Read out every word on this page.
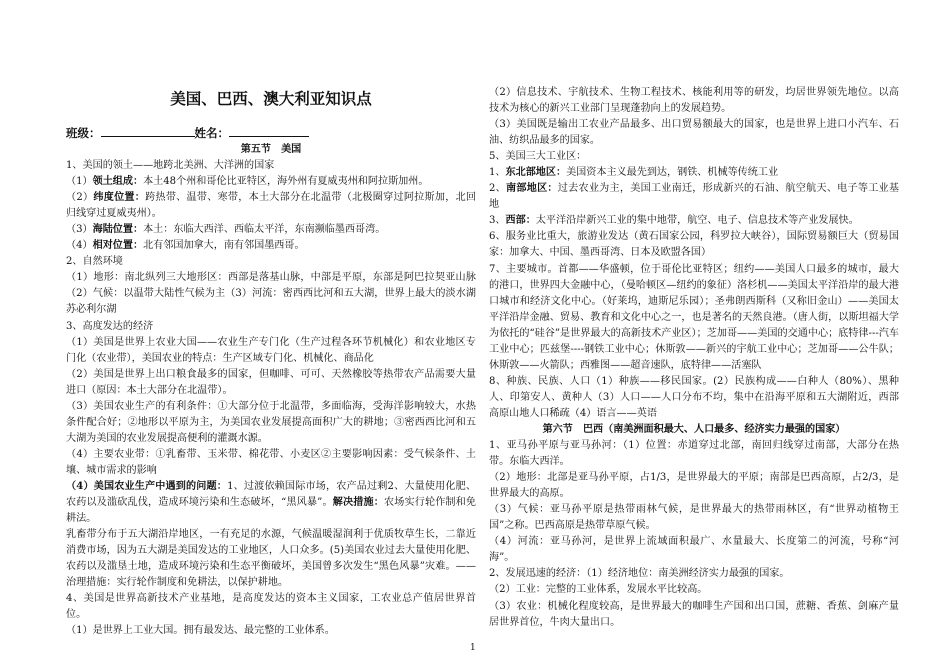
美国、巴西、澳大利亚知识点

班级：	姓名：

第五节　美国

1、美国的领土——地跨北美洲、大洋洲的国家

（1）领土组成：本土48个州和哥伦比亚特区，海外州有夏威夷州和阿拉斯加州。

（2）纬度位置：跨热带、温带、寒带，本土大部分在北温带（北极圈穿过阿拉斯加，北回归线穿过夏威夷州）。

（3）海陆位置：本土：东临大西洋、西临太平洋，东南濒临墨西哥湾。

（4）相对位置：北有邻国加拿大，南有邻国墨西哥。

2、自然环境

（1）地形：南北纵列三大地形区：西部是落基山脉，中部是平原，东部是阿巴拉契亚山脉（2）气候：以温带大陆性气候为主（3）河流：密西西比河和五大湖，世界上最大的淡水湖苏必利尔湖

3、高度发达的经济

（1）美国是世界上农业大国——农业生产专门化（生产过程各环节机械化）和农业地区专门化（农业带），美国农业的特点：生产区域专门化、机械化、商品化

（2）美国是世界上出口粮食最多的国家，但咖啡、可可、天然橡胶等热带农产品需要大量进口（原因：本土大部分在北温带）。

（3）美国农业生产的有利条件：①大部分位于北温带，多面临海，受海洋影响较大，水热条件配合好；②地形以平原为主，为美国农业发展提高面积广大的耕地；③密西西比河和五大湖为美国的农业发展提高便利的灌溉水源。

（4）主要农业带：①乳畜带、玉米带、棉花带、小麦区②主要影响因素：受气候条件、土壤、城市需求的影响

（4）美国农业生产中遇到的问题：1、过渡依赖国际市场，农产品过剩2、大量使用化肥、农药以及滥砍乱伐，造成环境污染和生态破坏，“黑风暴”。解决措施：农场实行轮作制和免耕法。

乳畜带分布于五大湖沿岸地区，一有充足的水源，气候温暖湿润利于优质牧草生长，二靠近消费市场，因为五大湖是美国发达的工业地区，人口众多。(5)美国农业过去大量使用化肥、农药以及滥垦土地，造成环境污染和生态平衡破坏，美国曾多次发生“黑色风暴”灾难。——治理措施：实行轮作制度和免耕法，以保护耕地。

4、美国是世界高新技术产业基地，是高度发达的资本主义国家，工农业总产值居世界首位。

（1）是世界上工业大国。拥有最发达、最完整的工业体系。

（2）信息技术、宇航技术、生物工程技术、核能利用等的研发，均居世界领先地位。以高技术为核心的新兴工业部门呈现蓬勃向上的发展趋势。

（3）美国既是输出工农业产品最多、出口贸易额最大的国家，也是世界上进口小汽车、石油、纺织品最多的国家。

5、美国三大工业区：

1、东北部地区：美国资本主义最先到达，钢铁、机械等传统工业

2、南部地区：过去农业为主，美国工业南迁，形成新兴的石油、航空航天、电子等工业基地

3、西部：太平洋沿岸新兴工业的集中地带，航空、电子、信息技术等产业发展快。

6、服务业比重大，旅游业发达（黄石国家公园，科罗拉大峡谷），国际贸易额巨大（贸易国家：加拿大、中国、墨西哥湾、日本及欧盟各国）

7、主要城市。首都——华盛顿，位于哥伦比亚特区；纽约——美国人口最多的城市，最大的港口，世界四大金融中心，（曼哈顿区—纽约的象征）洛杉机——美国太平洋沿岸的最大港口城市和经济文化中心。（好莱坞，迪斯尼乐园）；圣弗朗西斯科（又称旧金山）——美国太平洋沿岸金融、贸易、教育和文化中心之一，也是著名的天然良港。（唐人街，以斯坦福大学为依托的“硅谷”是世界最大的高新技术产业区）；芝加哥——美国的交通中心；底特律---汽车工业中心；匹兹堡----钢铁工业中心；休斯敦——新兴的宇航工业中心；芝加哥——公牛队；休斯敦——火箭队；西雅图——超音速队，底特律——活塞队

8、种族、民族、人口（1）种族——移民国家。(2）民族构成——白种人（80%）、黑种人、印第安人、黄种人（3）人口——人口分布不均，集中在沿海平原和五大湖附近，西部高原山地人口稀疏（4）语言——英语

第六节　巴西（南美洲面积最大、人口最多、经济实力最强的国家）

1、亚马孙平原与亚马孙河：（1）位置：赤道穿过北部，南回归线穿过南部，大部分在热带。东临大西洋。

（2）地形：北部是亚马孙平原，占1/3，是世界最大的平原；南部是巴西高原，占2/3，是世界最大的高原。

（3）气候：亚马孙平原是热带雨林气候，是世界最大的热带雨林区，有“世界动植物王国”之称。巴西高原是热带草原气候。

（4）河流：亚马孙河，是世界上流域面积最广、水量最大、长度第二的河流，号称“河海”。

2、发展迅速的经济：（1）经济地位：南美洲经济实力最强的国家。

（2）工业：完整的工业体系，发展水平比较高。

（3）农业：机械化程度较高，是世界最大的咖啡生产国和出口国，蔗糖、香蕉、剑麻产量居世界首位，牛肉大量出口。

1
